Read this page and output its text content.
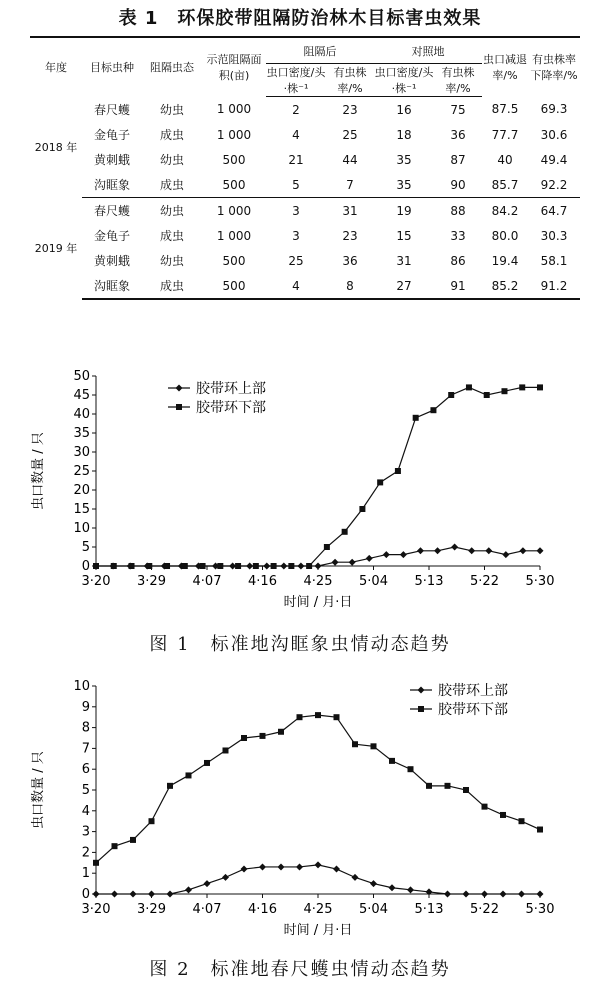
表 1　环保胶带阻隔防治林木目标害虫效果
年度	目标虫种	阻隔虫态	示范阻隔面积(亩)	阻隔后		对照地		虫口减退率/%	有虫株率下降率/%
				虫口密度/头·株⁻¹	有虫株率/%	虫口密度/头·株⁻¹	有虫株率/%		
2018 年	春尺蠖	幼虫	1 000	2	23	16	75	87.5	69.3
	金龟子	成虫	1 000	4	25	18	36	77.7	30.6
	黄刺蛾	幼虫	500	21	44	35	87	40	49.4
	沟眶象	成虫	500	5	7	35	90	85.7	92.2
2019 年	春尺蠖	幼虫	1 000	3	31	19	88	84.2	64.7
	金龟子	成虫	1 000	3	23	15	33	80.0	30.3
	黄刺蛾	幼虫	500	25	36	31	86	19.4	58.1
	沟眶象	成虫	500	4	8	27	91	85.2	91.2
0
5
10
15
20
25
30
35
40
45
50
3·20 3·29 4·07 4·16 4·25 5·04 5·13 5·22 5·30
时间 / 月·日
虫口数量 / 只
胶带环上部
胶带环下部
图 1　标准地沟眶象虫情动态趋势
0
1
2
3
4
5
6
7
8
9
10
3·20 3·29 4·07 4·16 4·25 5·04 5·13 5·22 5·30
时间 / 月·日
虫口数量 / 只
胶带环上部
胶带环下部
图 2　标准地春尺蠖虫情动态趋势
